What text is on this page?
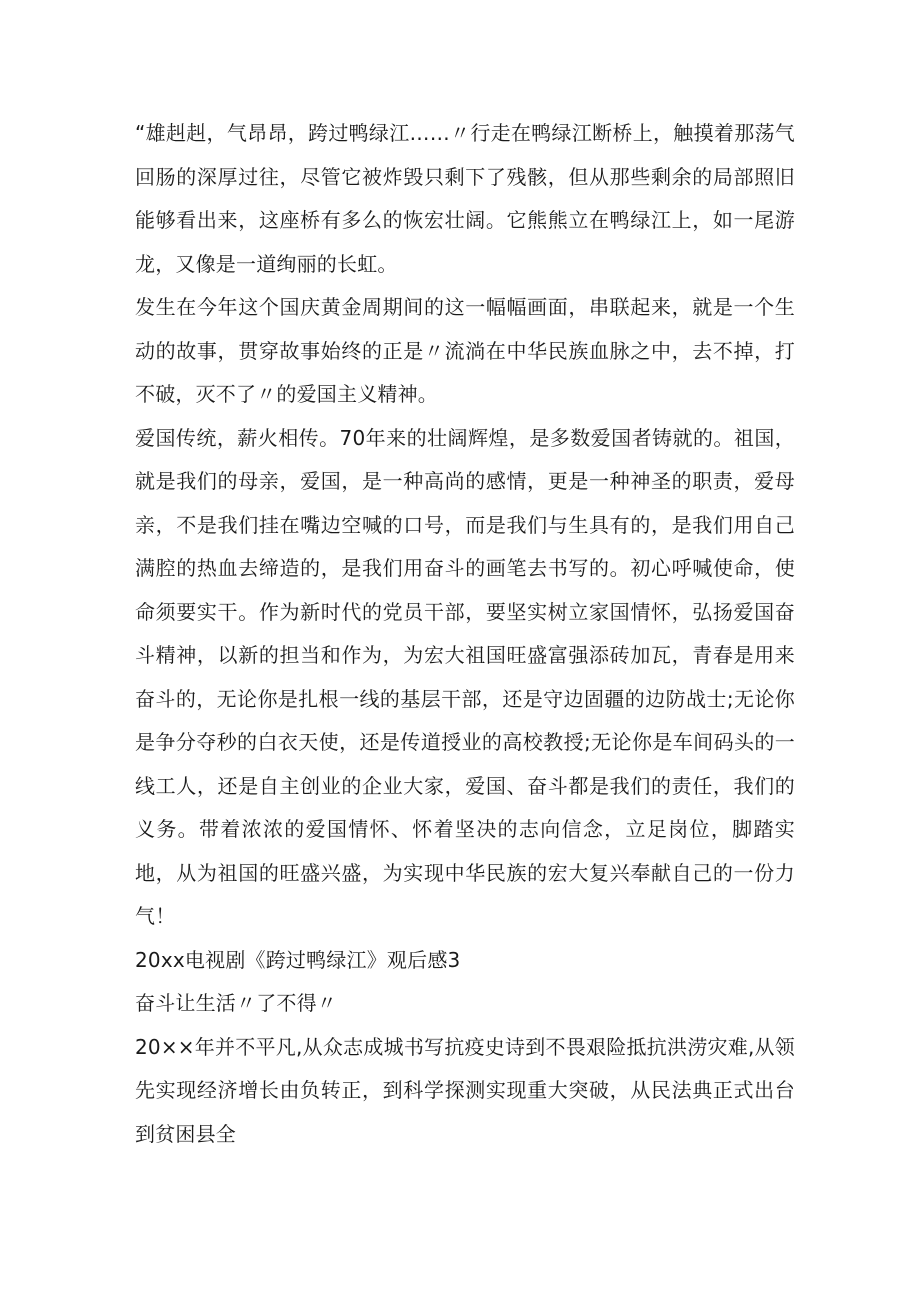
“雄赳赳，气昂昂，跨过鸭绿江……〃行走在鸭绿江断桥上，触摸着那荡气回肠的深厚过往，尽管它被炸毁只剩下了残骸，但从那些剩余的局部照旧能够看出来，这座桥有多么的恢宏壮阔。它熊熊立在鸭绿江上，如一尾游龙，又像是一道绚丽的长虹。

发生在今年这个国庆黄金周期间的这一幅幅画面，串联起来，就是一个生动的故事，贯穿故事始终的正是〃流淌在中华民族血脉之中，去不掉，打不破，灭不了〃的爱国主义精神。

爱国传统，薪火相传。70年来的壮阔辉煌，是多数爱国者铸就的。祖国，就是我们的母亲，爱国，是一种高尚的感情，更是一种神圣的职责，爱母亲，不是我们挂在嘴边空喊的口号，而是我们与生具有的，是我们用自己满腔的热血去缔造的，是我们用奋斗的画笔去书写的。初心呼喊使命，使命须要实干。作为新时代的党员干部，要坚实树立家国情怀，弘扬爱国奋斗精神，以新的担当和作为，为宏大祖国旺盛富强添砖加瓦，青春是用来奋斗的，无论你是扎根一线的基层干部，还是守边固疆的边防战士;无论你是争分夺秒的白衣天使，还是传道授业的高校教授;无论你是车间码头的一线工人，还是自主创业的企业大家，爱国、奋斗都是我们的责任，我们的义务。带着浓浓的爱国情怀、怀着坚决的志向信念，立足岗位，脚踏实地，从为祖国的旺盛兴盛，为实现中华民族的宏大复兴奉献自己的一份力气！

20xx电视剧《跨过鸭绿江》观后感3

奋斗让生活〃了不得〃

20××年并不平凡,从众志成城书写抗疫史诗到不畏艰险抵抗洪涝灾难,从领先实现经济增长由负转正，到科学探测实现重大突破，从民法典正式出台到贫困县全
